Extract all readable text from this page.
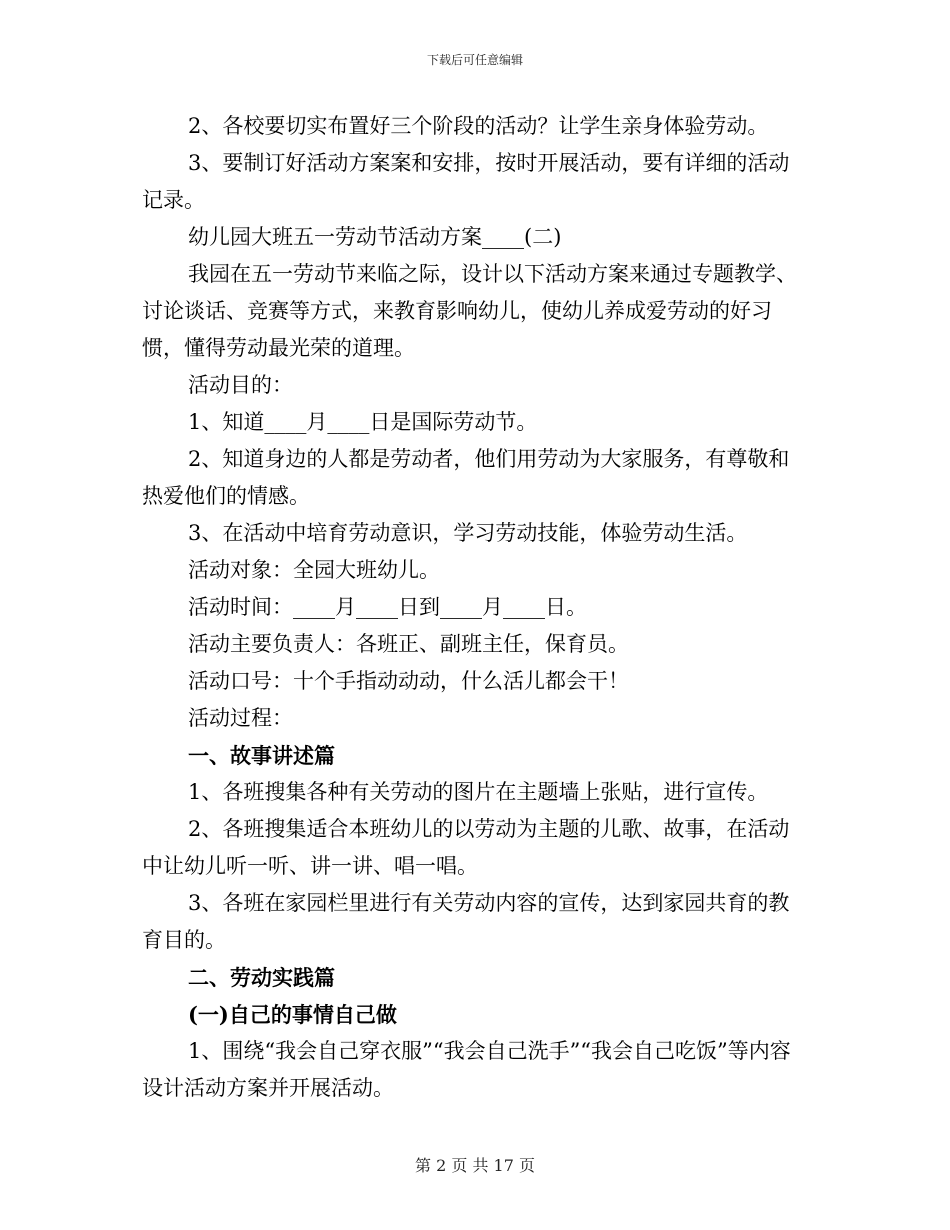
下载后可任意编辑

2、各校要切实布置好三个阶段的活动？让学生亲身体验劳动。

3、要制订好活动方案案和安排，按时开展活动，要有详细的活动记录。

幼儿园大班五一劳动节活动方案____(二)

我园在五一劳动节来临之际，设计以下活动方案来通过专题教学、讨论谈话、竞赛等方式，来教育影响幼儿，使幼儿养成爱劳动的好习惯，懂得劳动最光荣的道理。

活动目的：

1、知道____月____日是国际劳动节。

2、知道身边的人都是劳动者，他们用劳动为大家服务，有尊敬和热爱他们的情感。

3、在活动中培育劳动意识，学习劳动技能，体验劳动生活。

活动对象：全园大班幼儿。

活动时间：____月____日到____月____日。

活动主要负责人：各班正、副班主任，保育员。

活动口号：十个手指动动动，什么活儿都会干！

活动过程：

一、故事讲述篇

1、各班搜集各种有关劳动的图片在主题墙上张贴，进行宣传。

2、各班搜集适合本班幼儿的以劳动为主题的儿歌、故事，在活动中让幼儿听一听、讲一讲、唱一唱。

3、各班在家园栏里进行有关劳动内容的宣传，达到家园共育的教育目的。

二、劳动实践篇

(一)自己的事情自己做

1、围绕“我会自己穿衣服”“我会自己洗手”“我会自己吃饭”等内容设计活动方案并开展活动。

第 2 页 共 17 页
